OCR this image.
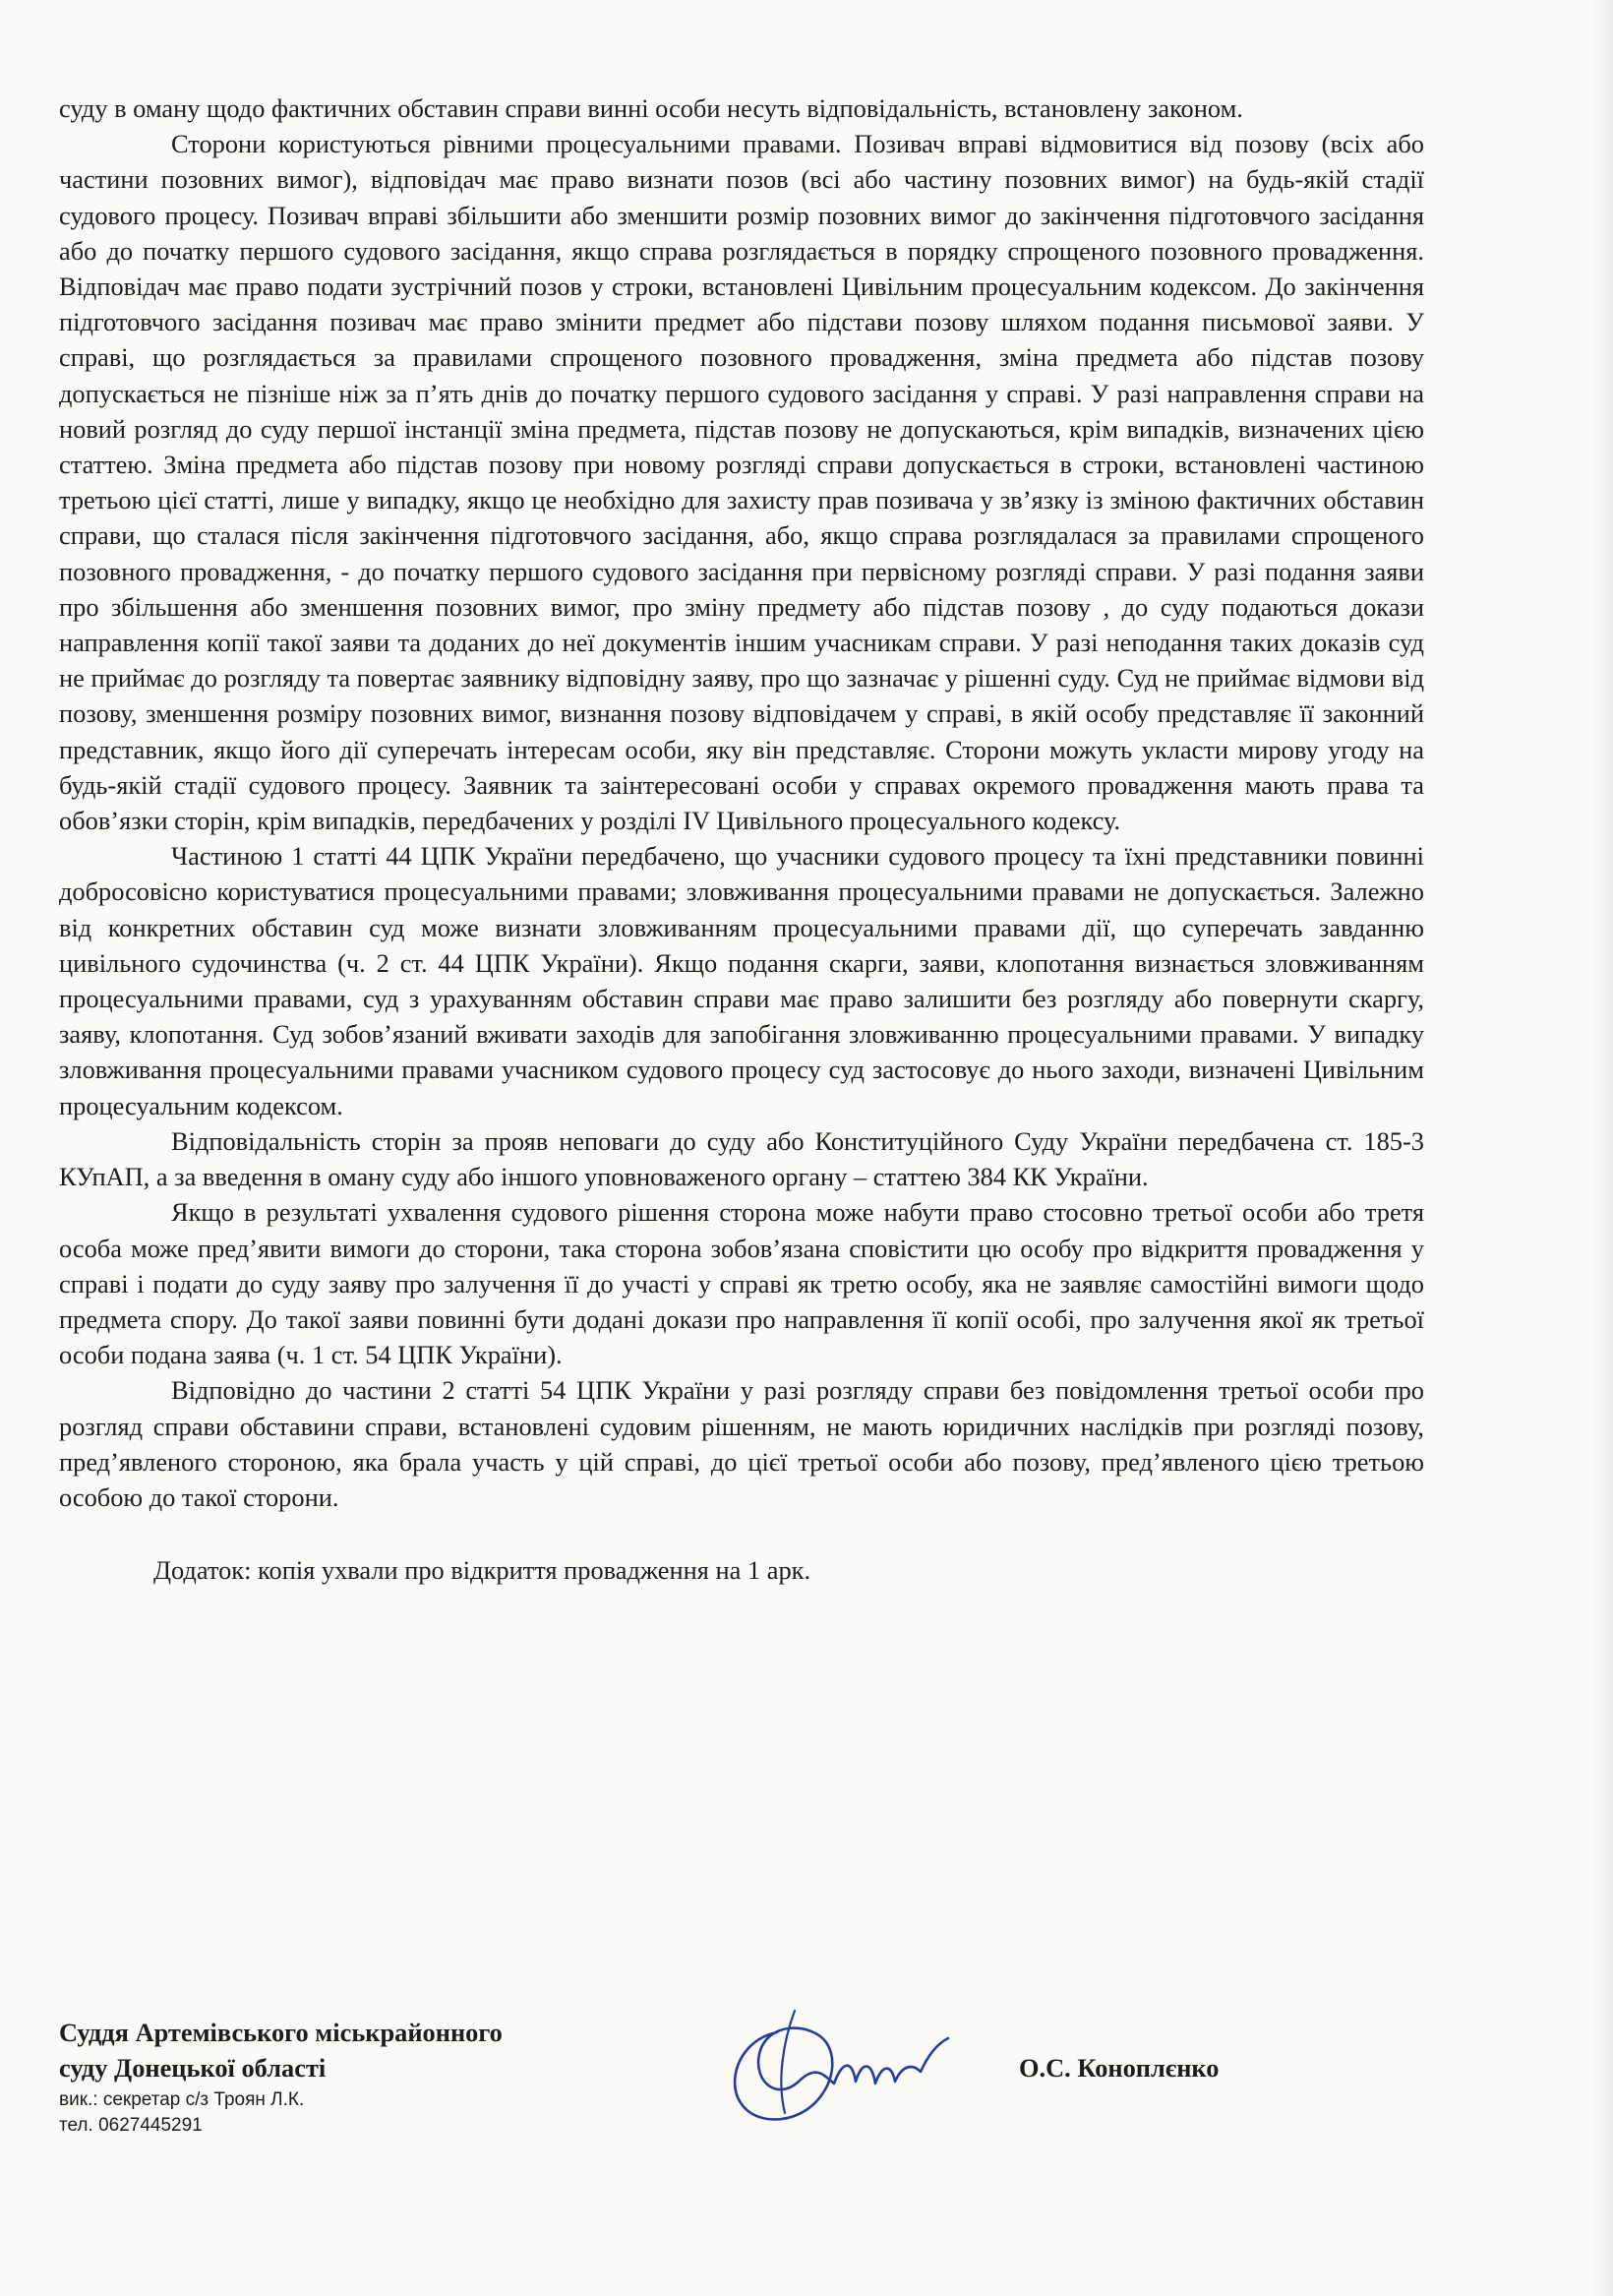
суду в оману щодо фактичних обставин справи винні особи несуть відповідальність, встановлену законом.

Сторони користуються рівними процесуальними правами. Позивач вправі відмовитися від позову (всіх або частини позовних вимог), відповідач має право визнати позов (всі або частину позовних вимог) на будь-якій стадії судового процесу. Позивач вправі збільшити або зменшити розмір позовних вимог до закінчення підготовчого засідання або до початку першого судового засідання, якщо справа розглядається в порядку спрощеного позовного провадження. Відповідач має право подати зустрічний позов у строки, встановлені Цивільним процесуальним кодексом. До закінчення підготовчого засідання позивач має право змінити предмет або підстави позову шляхом подання письмової заяви. У справі, що розглядається за правилами спрощеного позовного провадження, зміна предмета або підстав позову допускається не пізніше ніж за п’ять днів до початку першого судового засідання у справі. У разі направлення справи на новий розгляд до суду першої інстанції зміна предмета, підстав позову не допускаються, крім випадків, визначених цією статтею. Зміна предмета або підстав позову при новому розгляді справи допускається в строки, встановлені частиною третьою цієї статті, лише у випадку, якщо це необхідно для захисту прав позивача у зв’язку із зміною фактичних обставин справи, що сталася після закінчення підготовчого засідання, або, якщо справа розглядалася за правилами спрощеного позовного провадження, - до початку першого судового засідання при первісному розгляді справи. У разі подання заяви про збільшення або зменшення позовних вимог, про зміну предмету або підстав позову , до суду подаються докази направлення копії такої заяви та доданих до неї документів іншим учасникам справи. У разі неподання таких доказів суд не приймає до розгляду та повертає заявнику відповідну заяву, про що зазначає у рішенні суду. Суд не приймає відмови від позову, зменшення розміру позовних вимог, визнання позову відповідачем у справі, в якій особу представляє її законний представник, якщо його дії суперечать інтересам особи, яку він представляє. Сторони можуть укласти мирову угоду на будь-якій стадії судового процесу. Заявник та заінтересовані особи у справах окремого провадження мають права та обов’язки сторін, крім випадків, передбачених у розділі IV Цивільного процесуального кодексу.

Частиною 1 статті 44 ЦПК України передбачено, що учасники судового процесу та їхні представники повинні добросовісно користуватися процесуальними правами; зловживання процесуальними правами не допускається. Залежно від конкретних обставин суд може визнати зловживанням процесуальними правами дії, що суперечать завданню цивільного судочинства (ч. 2 ст. 44 ЦПК України). Якщо подання скарги, заяви, клопотання визнається зловживанням процесуальними правами, суд з урахуванням обставин справи має право залишити без розгляду або повернути скаргу, заяву, клопотання. Суд зобов’язаний вживати заходів для запобігання зловживанню процесуальними правами. У випадку зловживання процесуальними правами учасником судового процесу суд застосовує до нього заходи, визначені Цивільним процесуальним кодексом.

Відповідальність сторін за прояв неповаги до суду або Конституційного Суду України передбачена ст. 185-3 КУпАП, а за введення в оману суду або іншого уповноваженого органу – статтею 384 КК України.

Якщо в результаті ухвалення судового рішення сторона може набути право стосовно третьої особи або третя особа може пред’явити вимоги до сторони, така сторона зобов’язана сповістити цю особу про відкриття провадження у справі і подати до суду заяву про залучення її до участі у справі як третю особу, яка не заявляє самостійні вимоги щодо предмета спору. До такої заяви повинні бути додані докази про направлення її копії особі, про залучення якої як третьої особи подана заява (ч. 1 ст. 54 ЦПК України).

Відповідно до частини 2 статті 54 ЦПК України у разі розгляду справи без повідомлення третьої особи про розгляд справи обставини справи, встановлені судовим рішенням, не мають юридичних наслідків при розгляді позову, пред’явленого стороною, яка брала участь у цій справі, до цієї третьої особи або позову, пред’явленого цією третьою особою до такої сторони.

Додаток: копія ухвали про відкриття провадження на 1 арк.

Суддя Артемівського міськрайонного
суду Донецької області
вик.: секретар с/з Троян Л.К.
тел. 0627445291
О.С. Коноплєнко
